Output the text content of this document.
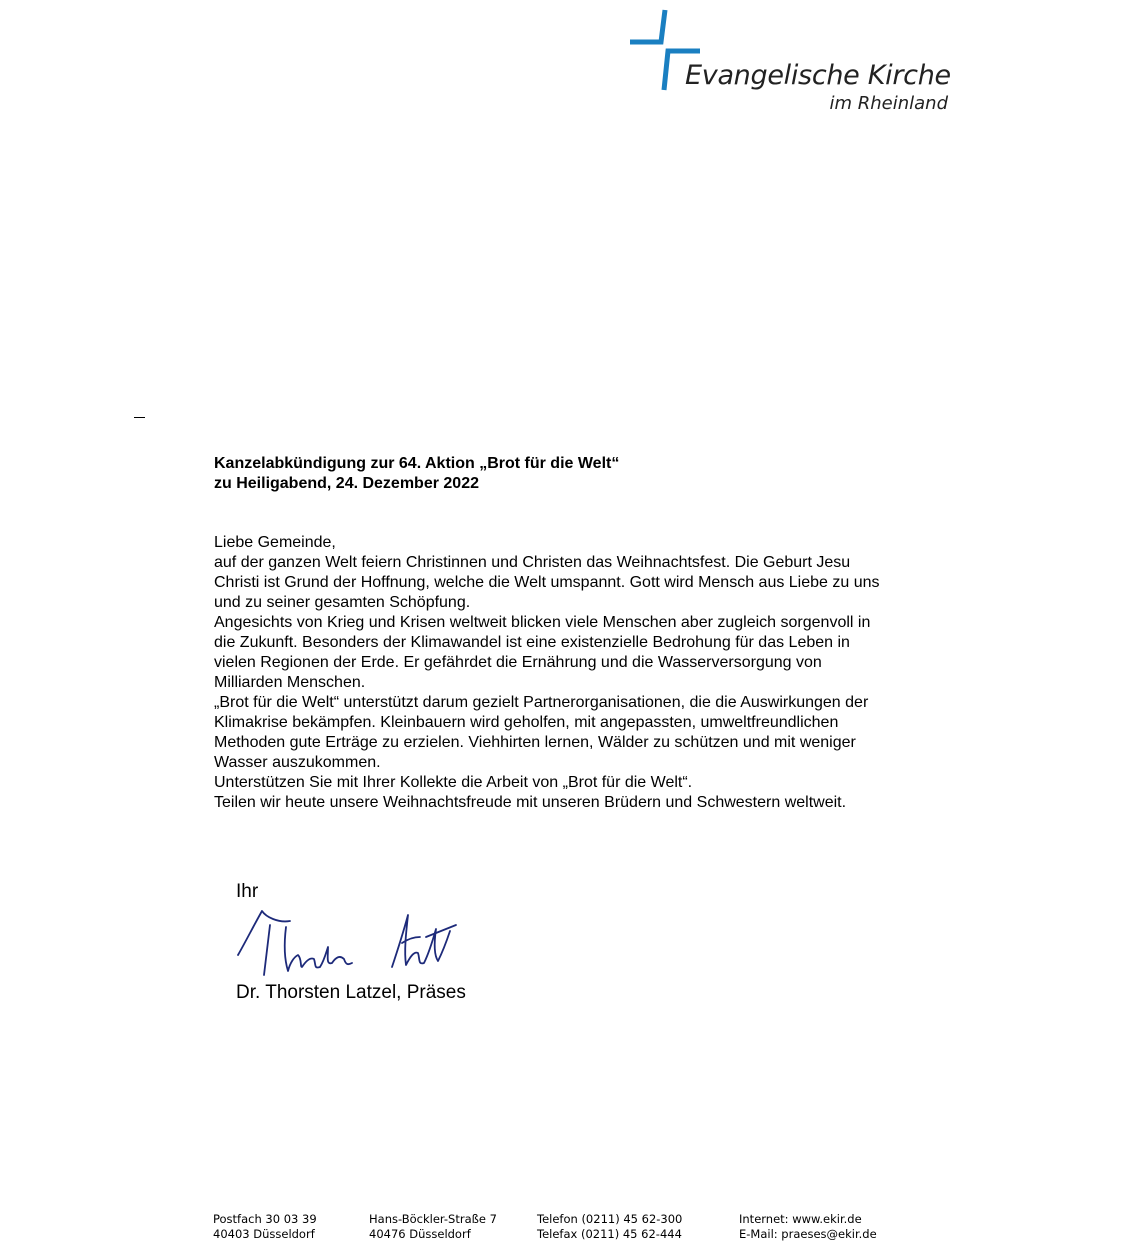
Evangelische Kirche
im Rheinland
Kanzelabkündigung zur 64. Aktion „Brot für die Welt“
zu Heiligabend, 24. Dezember 2022
Liebe Gemeinde,
auf der ganzen Welt feiern Christinnen und Christen das Weihnachtsfest. Die Geburt Jesu
Christi ist Grund der Hoffnung, welche die Welt umspannt. Gott wird Mensch aus Liebe zu uns
und zu seiner gesamten Schöpfung.
Angesichts von Krieg und Krisen weltweit blicken viele Menschen aber zugleich sorgenvoll in
die Zukunft. Besonders der Klimawandel ist eine existenzielle Bedrohung für das Leben in
vielen Regionen der Erde. Er gefährdet die Ernährung und die Wasserversorgung von
Milliarden Menschen.
„Brot für die Welt“ unterstützt darum gezielt Partnerorganisationen, die die Auswirkungen der
Klimakrise bekämpfen. Kleinbauern wird geholfen, mit angepassten, umweltfreundlichen
Methoden gute Erträge zu erzielen. Viehhirten lernen, Wälder zu schützen und mit weniger
Wasser auszukommen.
Unterstützen Sie mit Ihrer Kollekte die Arbeit von „Brot für die Welt“.
Teilen wir heute unsere Weihnachtsfreude mit unseren Brüdern und Schwestern weltweit.
Ihr
Dr. Thorsten Latzel, Präses
Postfach 30 03 39
40403 Düsseldorf
Hans-Böckler-Straße 7
40476 Düsseldorf
Telefon (0211) 45 62-300
Telefax (0211) 45 62-444
Internet: www.ekir.de
E-Mail: praeses@ekir.de
